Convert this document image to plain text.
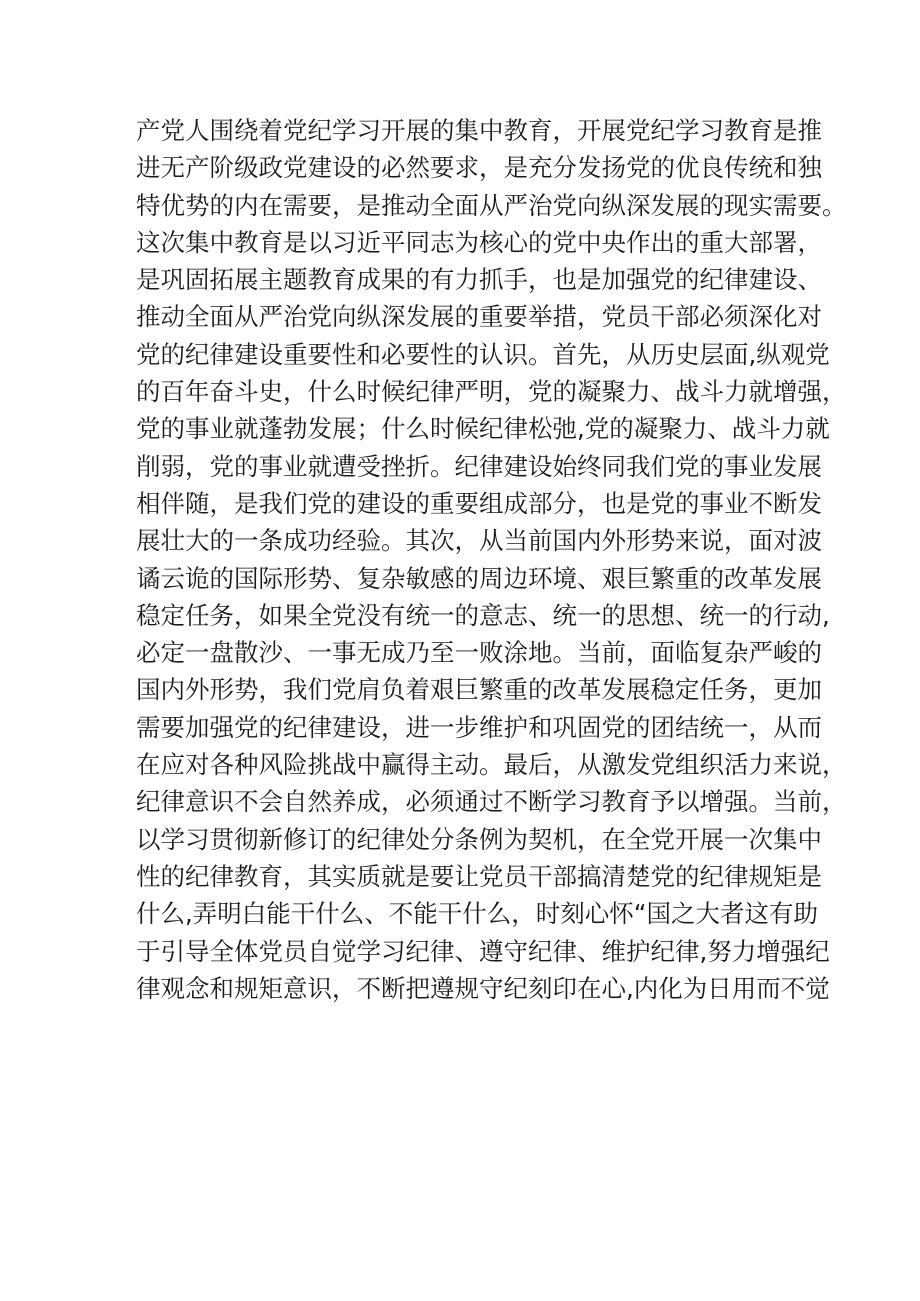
产党人围绕着党纪学习开展的集中教育，开展党纪学习教育是推
进无产阶级政党建设的必然要求，是充分发扬党的优良传统和独
特优势的内在需要，是推动全面从严治党向纵深发展的现实需要。
这次集中教育是以习近平同志为核心的党中央作出的重大部署，
是巩固拓展主题教育成果的有力抓手，也是加强党的纪律建设、
推动全面从严治党向纵深发展的重要举措，党员干部必须深化对
党的纪律建设重要性和必要性的认识。首先，从历史层面,纵观党
的百年奋斗史，什么时候纪律严明，党的凝聚力、战斗力就增强，
党的事业就蓬勃发展；什么时候纪律松弛,党的凝聚力、战斗力就
削弱，党的事业就遭受挫折。纪律建设始终同我们党的事业发展
相伴随，是我们党的建设的重要组成部分，也是党的事业不断发
展壮大的一条成功经验。其次，从当前国内外形势来说，面对波
谲云诡的国际形势、复杂敏感的周边环境、艰巨繁重的改革发展
稳定任务，如果全党没有统一的意志、统一的思想、统一的行动,
必定一盘散沙、一事无成乃至一败涂地。当前，面临复杂严峻的
国内外形势，我们党肩负着艰巨繁重的改革发展稳定任务，更加
需要加强党的纪律建设，进一步维护和巩固党的团结统一，从而
在应对各种风险挑战中赢得主动。最后，从激发党组织活力来说，
纪律意识不会自然养成，必须通过不断学习教育予以增强。当前，
以学习贯彻新修订的纪律处分条例为契机，在全党开展一次集中
性的纪律教育，其实质就是要让党员干部搞清楚党的纪律规矩是
什么,弄明白能干什么、不能干什么，时刻心怀“国之大者这有助
于引导全体党员自觉学习纪律、遵守纪律、维护纪律,努力增强纪
律观念和规矩意识，不断把遵规守纪刻印在心,内化为日用而不觉
